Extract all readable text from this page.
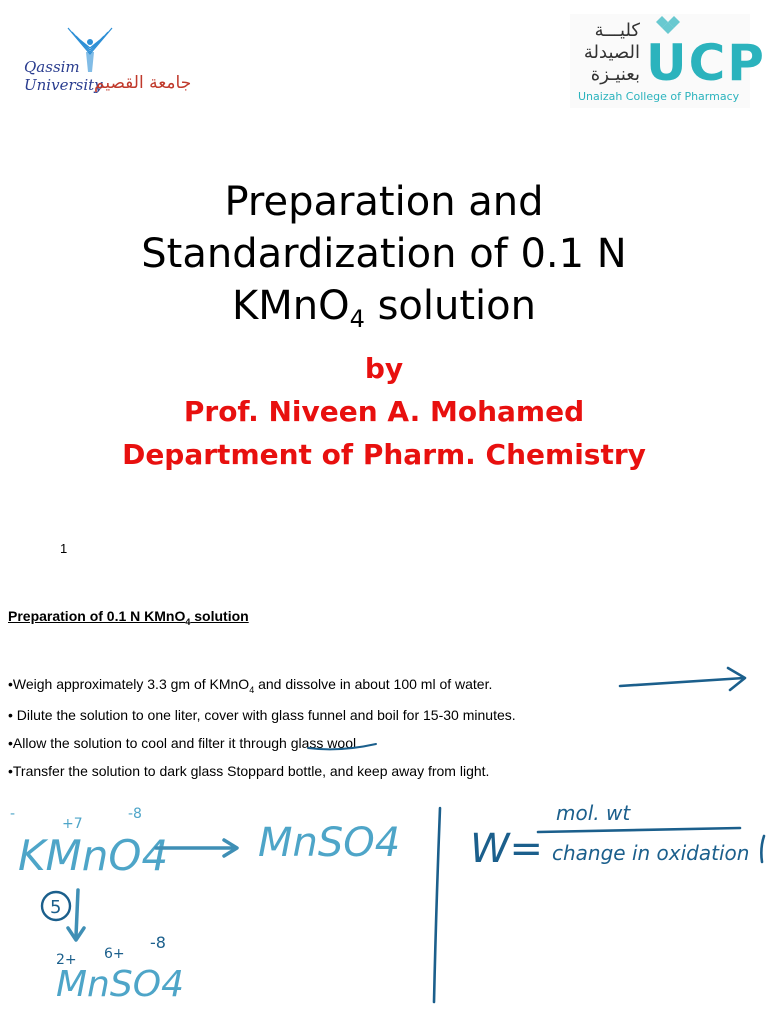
Qassim
University
جامعة القصيم
كليـــة
الصيدلة
بعنيـزة UCP
Unaizah College of Pharmacy
Preparation and
Standardization of 0.1 N
KMnO$_4$ solution
by
Prof. Niveen A. Mohamed
Department of Pharm. Chemistry
1
Preparation of 0.1 N KMnO$_4$ solution
•Weigh approximately 3.3 gm of KMnO$_4$ and dissolve in about 100 ml of water.
• Dilute the solution to one liter, cover with glass funnel and boil for 15-30 minutes.
•Allow the solution to cool and filter it through glass wool.
•Transfer the solution to dark glass Stoppard bottle, and keep away from light.
KMnO4
+7
-8
-
MnSO4 W=
mol. wt
change in oxidation
5
2+ 6+
-8
MnSO4
